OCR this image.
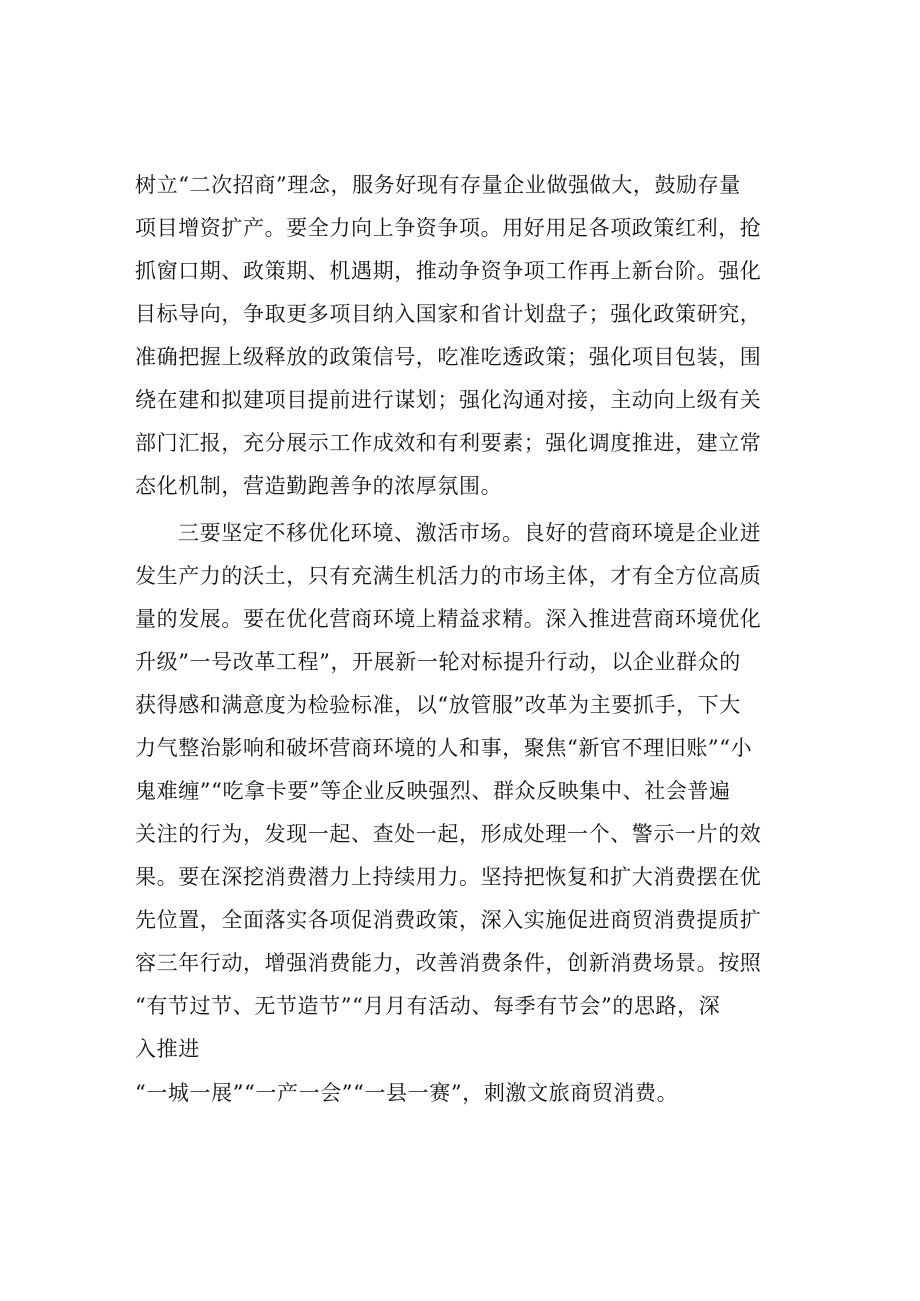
树立“二次招商”理念，服务好现有存量企业做强做大，鼓励存量
项目增资扩产。要全力向上争资争项。用好用足各项政策红利，抢
抓窗口期、政策期、机遇期，推动争资争项工作再上新台阶。强化
目标导向，争取更多项目纳入国家和省计划盘子；强化政策研究，
准确把握上级释放的政策信号，吃准吃透政策；强化项目包装，围
绕在建和拟建项目提前进行谋划；强化沟通对接，主动向上级有关
部门汇报，充分展示工作成效和有利要素；强化调度推进，建立常
态化机制，营造勤跑善争的浓厚氛围。
三要坚定不移优化环境、激活市场。良好的营商环境是企业迸
发生产力的沃土，只有充满生机活力的市场主体，才有全方位高质
量的发展。要在优化营商环境上精益求精。深入推进营商环境优化
升级”一号改革工程”，开展新一轮对标提升行动，以企业群众的
获得感和满意度为检验标准，以“放管服”改革为主要抓手，下大
力气整治影响和破坏营商环境的人和事，聚焦“新官不理旧账”“小
鬼难缠”“吃拿卡要”等企业反映强烈、群众反映集中、社会普遍
关注的行为，发现一起、查处一起，形成处理一个、警示一片的效
果。要在深挖消费潜力上持续用力。坚持把恢复和扩大消费摆在优
先位置，全面落实各项促消费政策，深入实施促进商贸消费提质扩
容三年行动，增强消费能力，改善消费条件，创新消费场景。按照
“有节过节、无节造节”“月月有活动、每季有节会”的思路，深
入推进
“一城一展”“一产一会”“一县一赛”，刺激文旅商贸消费。
